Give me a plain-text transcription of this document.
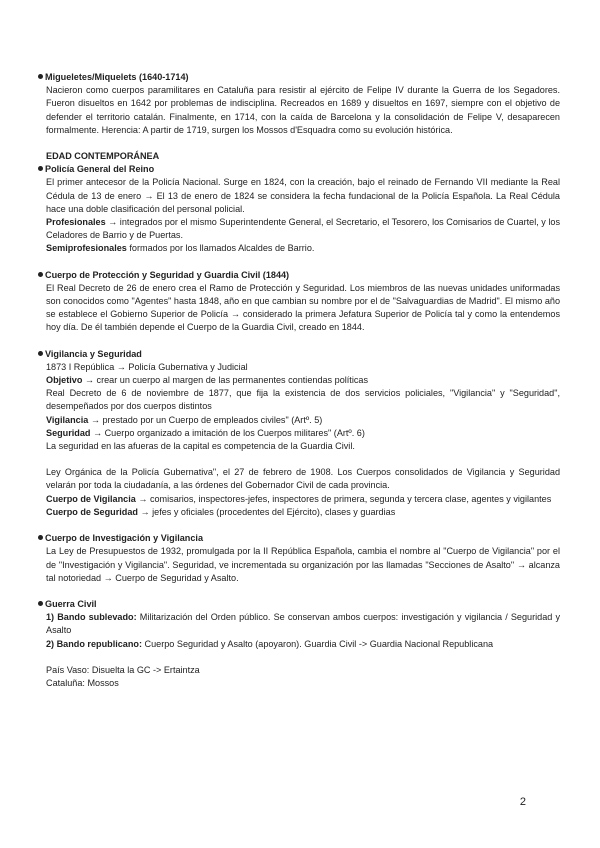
Migueletes/Miquelets (1640-1714)

Nacieron como cuerpos paramilitares en Cataluña para resistir al ejército de Felipe IV durante la Guerra de los Segadores. Fueron disueltos en 1642 por problemas de indisciplina. Recreados en 1689 y disueltos en 1697, siempre con el objetivo de defender el territorio catalán. Finalmente, en 1714, con la caída de Barcelona y la consolidación de Felipe V, desaparecen formalmente. Herencia: A partir de 1719, surgen los Mossos d'Esquadra como su evolución histórica.

EDAD CONTEMPORÁNEA

Policía General del Reino

El primer antecesor de la Policía Nacional. Surge en 1824, con la creación, bajo el reinado de Fernando VII mediante la Real Cédula de 13 de enero → El 13 de enero de 1824 se considera la fecha fundacional de la Policía Española. La Real Cédula hace una doble clasificación del personal policial.

Profesionales → integrados por el mismo Superintendente General, el Secretario, el Tesorero, los Comisarios de Cuartel, y los Celadores de Barrio y de Puertas.

Semiprofesionales formados por los llamados Alcaldes de Barrio.

Cuerpo de Protección y Seguridad y Guardia Civil (1844)

El Real Decreto de 26 de enero crea el Ramo de Protección y Seguridad. Los miembros de las nuevas unidades uniformadas son conocidos como "Agentes" hasta 1848, año en que cambian su nombre por el de "Salvaguardias de Madrid". El mismo año se establece el Gobierno Superior de Policía → considerado la primera Jefatura Superior de Policía tal y como la entendemos hoy día. De él también depende el Cuerpo de la Guardia Civil, creado en 1844.

Vigilancia y Seguridad

1873 I República → Policía Gubernativa y Judicial

Objetivo → crear un cuerpo al margen de las permanentes contiendas políticas

Real Decreto de 6 de noviembre de 1877, que fija la existencia de dos servicios policiales, "Vigilancia" y "Seguridad", desempeñados por dos cuerpos distintos

Vigilancia → prestado por un Cuerpo de empleados civiles" (Artº. 5)

Seguridad → Cuerpo organizado a imitación de los Cuerpos militares" (Artº. 6)

La seguridad en las afueras de la capital es competencia de la Guardia Civil.

Ley Orgánica de la Policía Gubernativa", el 27 de febrero de 1908. Los Cuerpos consolidados de Vigilancia y Seguridad velarán por toda la ciudadanía, a las órdenes del Gobernador Civil de cada provincia.

Cuerpo de Vigilancia → comisarios, inspectores-jefes, inspectores de primera, segunda y tercera clase, agentes y vigilantes

Cuerpo de Seguridad → jefes y oficiales (procedentes del Ejército), clases y guardias

Cuerpo de Investigación y Vigilancia

La Ley de Presupuestos de 1932, promulgada por la II República Española, cambia el nombre al "Cuerpo de Vigilancia" por el de "Investigación y Vigilancia". Seguridad, ve incrementada su organización por las llamadas "Secciones de Asalto" → alcanza tal notoriedad → Cuerpo de Seguridad y Asalto.

Guerra Civil

1) Bando sublevado: Militarización del Orden público. Se conservan ambos cuerpos: investigación y vigilancia / Seguridad y Asalto

2) Bando republicano: Cuerpo Seguridad y Asalto (apoyaron). Guardia Civil -> Guardia Nacional Republicana

País Vaso: Disuelta la GC -> Ertaintza

Cataluña: Mossos

2
